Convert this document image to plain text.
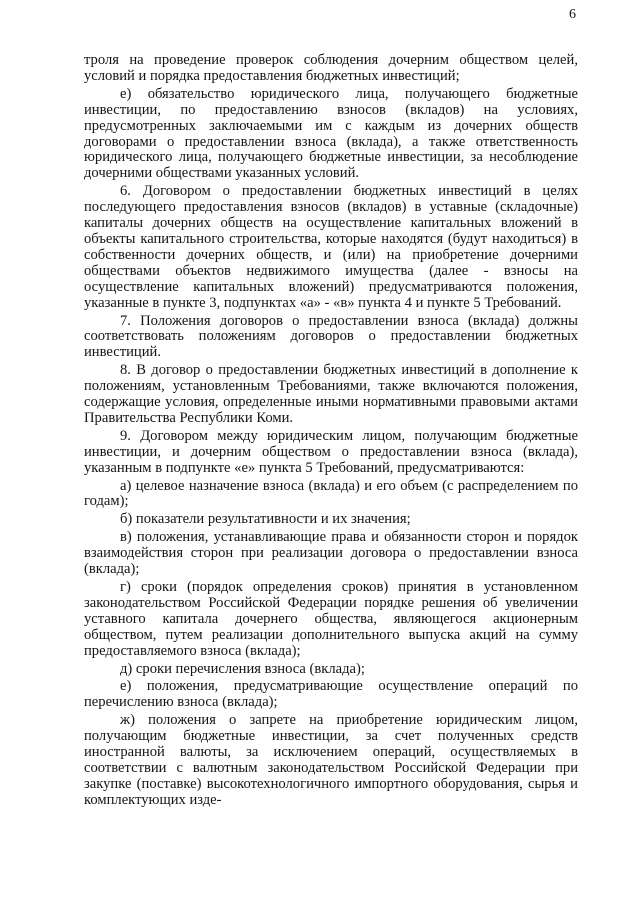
6

троля на проведение проверок соблюдения дочерним обществом целей, условий и порядка предоставления бюджетных инвестиций;

е) обязательство юридического лица, получающего бюджетные инвестиции, по предоставлению взносов (вкладов) на условиях, предусмотренных заключаемыми им с каждым из дочерних обществ договорами о предоставлении взноса (вклада), а также ответственность юридического лица, получающего бюджетные инвестиции, за несоблюдение дочерними обществами указанных условий.

6. Договором о предоставлении бюджетных инвестиций в целях последующего предоставления взносов (вкладов) в уставные (складочные) капиталы дочерних обществ на осуществление капитальных вложений в объекты капитального строительства, которые находятся (будут находиться) в собственности дочерних обществ, и (или) на приобретение дочерними обществами объектов недвижимого имущества (далее - взносы на осуществление капитальных вложений) предусматриваются положения, указанные в пункте 3, подпунктах «а» - «в» пункта 4 и пункте 5 Требований.

7. Положения договоров о предоставлении взноса (вклада) должны соответствовать положениям договоров о предоставлении бюджетных инвестиций.

8. В договор о предоставлении бюджетных инвестиций в дополнение к положениям, установленным Требованиями, также включаются положения, содержащие условия, определенные иными нормативными правовыми актами Правительства Республики Коми.

9. Договором между юридическим лицом, получающим бюджетные инвестиции, и дочерним обществом о предоставлении взноса (вклада), указанным в подпункте «е» пункта 5 Требований, предусматриваются:

а) целевое назначение взноса (вклада) и его объем (с распределением по годам);

б) показатели результативности и их значения;

в) положения, устанавливающие права и обязанности сторон и порядок взаимодействия сторон при реализации договора о предоставлении взноса (вклада);

г) сроки (порядок определения сроков) принятия в установленном законодательством Российской Федерации порядке решения об увеличении уставного капитала дочернего общества, являющегося акционерным обществом, путем реализации дополнительного выпуска акций на сумму предоставляемого взноса (вклада);

д) сроки перечисления взноса (вклада);

е) положения, предусматривающие осуществление операций по перечислению взноса (вклада);

ж) положения о запрете на приобретение юридическим лицом, получающим бюджетные инвестиции, за счет полученных средств иностранной валюты, за исключением операций, осуществляемых в соответствии с валютным законодательством Российской Федерации при закупке (поставке) высокотехнологичного импортного оборудования, сырья и комплектующих изде-
